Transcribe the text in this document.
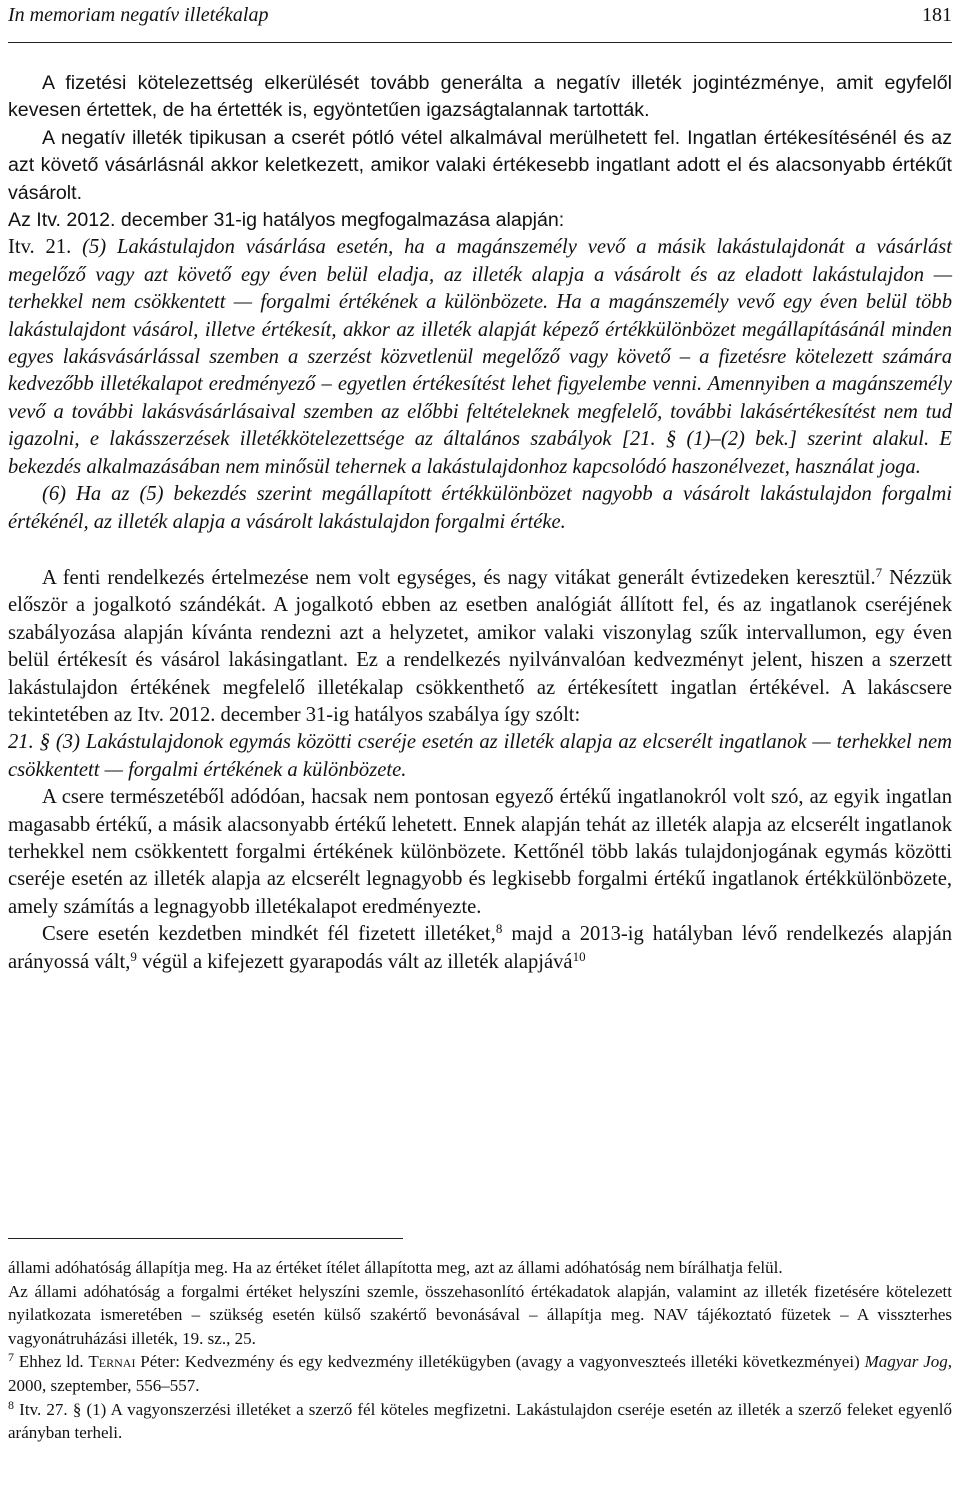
In memoriam negatív illetékalap	181

A fizetési kötelezettség elkerülését tovább generálta a negatív illeték jogintézménye, amit egyfelől kevesen értettek, de ha értették is, egyöntetűen igazságtalannak tartották.

A negatív illeték tipikusan a cserét pótló vétel alkalmával merülhetett fel. Ingatlan értékesítésénél és az azt követő vásárlásnál akkor keletkezett, amikor valaki értékesebb ingatlant adott el és alacsonyabb értékűt vásárolt.

Az Itv. 2012. december 31-ig hatályos megfogalmazása alapján:

Itv. 21. (5) Lakástulajdon vásárlása esetén, ha a magánszemély vevő a másik lakástulajdonát a vásárlást megelőző vagy azt követő egy éven belül eladja, az illeték alapja a vásárolt és az eladott lakástulajdon — terhekkel nem csökkentett — forgalmi értékének a különbözete. Ha a magánszemély vevő egy éven belül több lakástulajdont vásárol, illetve értékesít, akkor az illeték alapját képező értékkülönbözet megállapításánál minden egyes lakásvásárlással szemben a szerzést közvetlenül megelőző vagy követő – a fizetésre kötelezett számára kedvezőbb illetékalapot eredményező – egyetlen értékesítést lehet figyelembe venni. Amennyiben a magánszemély vevő a további lakásvásárlásaival szemben az előbbi feltételeknek megfelelő, további lakásértékesítést nem tud igazolni, e lakásszerzések illetékkötelezettsége az általános szabályok [21. § (1)–(2) bek.] szerint alakul. E bekezdés alkalmazásában nem minősül tehernek a lakástulajdonhoz kapcsolódó haszonélvezet, használat joga.

(6) Ha az (5) bekezdés szerint megállapított értékkülönbözet nagyobb a vásárolt lakástulajdon forgalmi értékénél, az illeték alapja a vásárolt lakástulajdon forgalmi értéke.

A fenti rendelkezés értelmezése nem volt egységes, és nagy vitákat generált évtizedeken keresztül.$^7$ Nézzük először a jogalkotó szándékát. A jogalkotó ebben az esetben analógiát állított fel, és az ingatlanok cseréjének szabályozása alapján kívánta rendezni azt a helyzetet, amikor valaki viszonylag szűk intervallumon, egy éven belül értékesít és vásárol lakásingatlant. Ez a rendelkezés nyilvánvalóan kedvezményt jelent, hiszen a szerzett lakástulajdon értékének megfelelő illetékalap csökkenthető az értékesített ingatlan értékével. A lakáscsere tekintetében az Itv. 2012. december 31-ig hatályos szabálya így szólt:

21. § (3) Lakástulajdonok egymás közötti cseréje esetén az illeték alapja az elcserélt ingatlanok — terhekkel nem csökkentett — forgalmi értékének a különbözete.

A csere természetéből adódóan, hacsak nem pontosan egyező értékű ingatlanokról volt szó, az egyik ingatlan magasabb értékű, a másik alacsonyabb értékű lehetett. Ennek alapján tehát az illeték alapja az elcserélt ingatlanok terhekkel nem csökkentett forgalmi értékének különbözete. Kettőnél több lakás tulajdonjogának egymás közötti cseréje esetén az illeték alapja az elcserélt legnagyobb és legkisebb forgalmi értékű ingatlanok értékkülönbözete, amely számítás a legnagyobb illetékalapot eredményezte.

Csere esetén kezdetben mindkét fél fizetett illetéket,$^8$ majd a 2013-ig hatályban lévő rendelkezés alapján arányossá vált,$^9$ végül a kifejezett gyarapodás vált az illeték alapjává$^{10}$

állami adóhatóság állapítja meg. Ha az értéket ítélet állapította meg, azt az állami adóhatóság nem bírálhatja felül.

Az állami adóhatóság a forgalmi értéket helyszíni szemle, összehasonlító értékadatok alapján, valamint az illeték fizetésére kötelezett nyilatkozata ismeretében – szükség esetén külső szakértő bevonásával – állapítja meg. NAV tájékoztató füzetek – A visszterhes vagyonátruházási illeték, 19. sz., 25.

$^7$ Ehhez ld. Ternai Péter: Kedvezmény és egy kedvezmény illetékügyben (avagy a vagyonveszteés illetéki következményei) Magyar Jog, 2000, szeptember, 556–557.

$^8$ Itv. 27. § (1) A vagyonszerzési illetéket a szerző fél köteles megfizetni. Lakástulajdon cseréje esetén az illeték a szerző feleket egyenlő arányban terheli.
